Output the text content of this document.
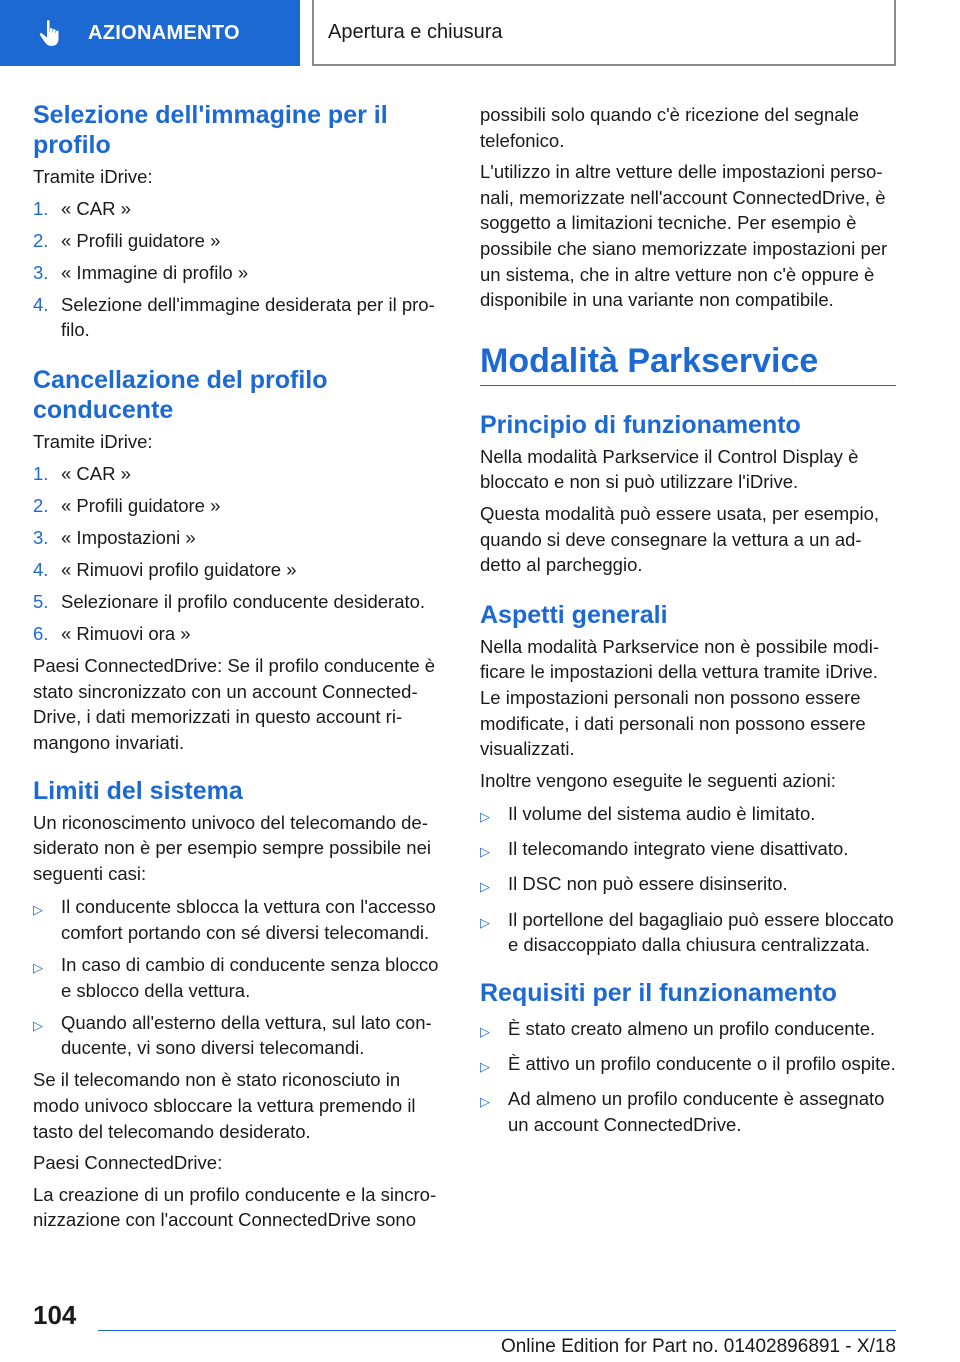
AZIONAMENTO	Apertura e chiusura
Selezione dell'immagine per il profilo

Tramite iDrive:

1. « CAR »
2. « Profili guidatore »
3. « Immagine di profilo »
4. Selezione dell'immagine desiderata per il profilo.
Cancellazione del profilo conducente

Tramite iDrive:

1. « CAR »
2. « Profili guidatore »
3. « Impostazioni »
4. « Rimuovi profilo guidatore »
5. Selezionare il profilo conducente desiderato.
6. « Rimuovi ora »

Paesi ConnectedDrive: Se il profilo conducente è stato sincronizzato con un account ConnectedDrive, i dati memorizzati in questo account rimangono invariati.

Limiti del sistema

Un riconoscimento univoco del telecomando desiderato non è per esempio sempre possibile nei seguenti casi:

▷ Il conducente sblocca la vettura con l'accesso comfort portando con sé diversi telecomandi.
▷ In caso di cambio di conducente senza blocco e sblocco della vettura.
▷ Quando all'esterno della vettura, sul lato conducente, vi sono diversi telecomandi.

Se il telecomando non è stato riconosciuto in modo univoco sbloccare la vettura premendo il tasto del telecomando desiderato.

Paesi ConnectedDrive:

La creazione di un profilo conducente e la sincronizzazione con l'account ConnectedDrive sono

possibili solo quando c'è ricezione del segnale telefonico.

L'utilizzo in altre vetture delle impostazioni personali, memorizzate nell'account ConnectedDrive, è soggetto a limitazioni tecniche. Per esempio è possibile che siano memorizzate impostazioni per un sistema, che in altre vetture non c'è oppure è disponibile in una variante non compatibile.

Modalità Parkservice
Principio di funzionamento

Nella modalità Parkservice il Control Display è bloccato e non si può utilizzare l'iDrive.

Questa modalità può essere usata, per esempio, quando si deve consegnare la vettura a un addetto al parcheggio.

Aspetti generali

Nella modalità Parkservice non è possibile modificare le impostazioni della vettura tramite iDrive. Le impostazioni personali non possono essere modificate, i dati personali non possono essere visualizzati.

Inoltre vengono eseguite le seguenti azioni:

▷ Il volume del sistema audio è limitato.
▷ Il telecomando integrato viene disattivato.
▷ Il DSC non può essere disinserito.
▷ Il portellone del bagagliaio può essere bloccato e disaccoppiato dalla chiusura centralizzata.
Requisiti per il funzionamento
▷ È stato creato almeno un profilo conducente.
▷ È attivo un profilo conducente o il profilo ospite.
▷ Ad almeno un profilo conducente è assegnato un account ConnectedDrive.
104
Online Edition for Part no. 01402896891 - X/18
